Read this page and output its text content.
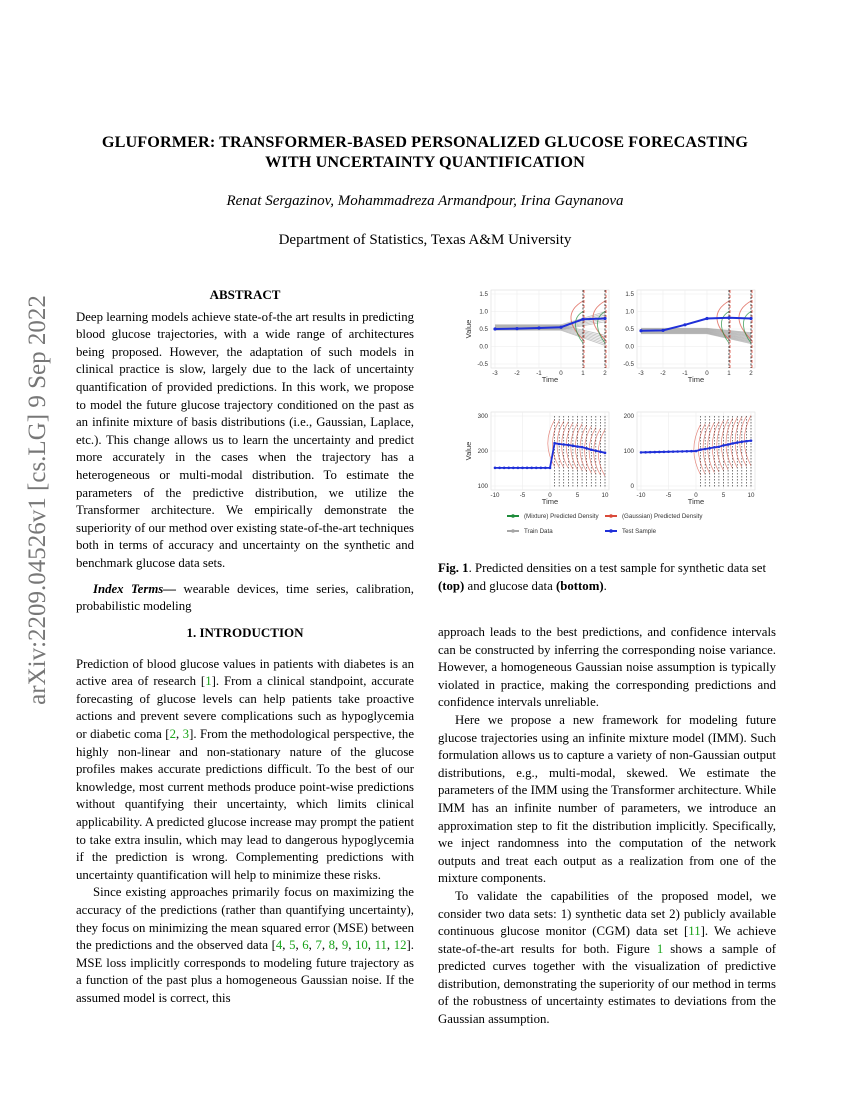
GLUFORMER: TRANSFORMER-BASED PERSONALIZED GLUCOSE FORECASTING
WITH UNCERTAINTY QUANTIFICATION
Renat Sergazinov, Mohammadreza Armandpour, Irina Gaynanova
Department of Statistics, Texas A&M University
arXiv:2209.04526v1 [cs.LG] 9 Sep 2022

ABSTRACT

Deep learning models achieve state-of-the art results in predicting blood glucose trajectories, with a wide range of architectures being proposed. However, the adaptation of such models in clinical practice is slow, largely due to the lack of uncertainty quantification of provided predictions. In this work, we propose to model the future glucose trajectory conditioned on the past as an infinite mixture of basis distributions (i.e., Gaussian, Laplace, etc.). This change allows us to learn the uncertainty and predict more accurately in the cases when the trajectory has a heterogeneous or multi-modal distribution. To estimate the parameters of the predictive distribution, we utilize the Transformer architecture. We empirically demonstrate the superiority of our method over existing state-of-the-art techniques both in terms of accuracy and uncertainty on the synthetic and benchmark glucose data sets.

Index Terms— wearable devices, time series, calibration, probabilistic modeling

1. INTRODUCTION

Prediction of blood glucose values in patients with diabetes is an active area of research [1]. From a clinical standpoint, accurate forecasting of glucose levels can help patients take proactive actions and prevent severe complications such as hypoglycemia or diabetic coma [2, 3]. From the methodological perspective, the highly non-linear and non-stationary nature of the glucose profiles makes accurate predictions difficult. To the best of our knowledge, most current methods produce point-wise predictions without quantifying their uncertainty, which limits clinical applicability. A predicted glucose increase may prompt the patient to take extra insulin, which may lead to dangerous hypoglycemia if the prediction is wrong. Complementing predictions with uncertainty quantification will help to minimize these risks.

Since existing approaches primarily focus on maximizing the accuracy of the predictions (rather than quantifying uncertainty), they focus on minimizing the mean squared error (MSE) between the predictions and the observed data [4, 5, 6, 7, 8, 9, 10, 11, 12]. MSE loss implicitly corresponds to modeling future trajectory as a function of the past plus a homogeneous Gaussian noise. If the assumed model is correct, this

approach leads to the best predictions, and confidence intervals can be constructed by inferring the corresponding noise variance. However, a homogeneous Gaussian noise assumption is typically violated in practice, making the corresponding predictions and confidence intervals unreliable.

Here we propose a new framework for modeling future glucose trajectories using an infinite mixture model (IMM). Such formulation allows us to capture a variety of non-Gaussian output distributions, e.g., multi-modal, skewed. We estimate the parameters of the IMM using the Transformer architecture. While IMM has an infinite number of parameters, we introduce an approximation step to fit the distribution implicitly. Specifically, we inject randomness into the computation of the network outputs and treat each output as a realization from one of the mixture components.

To validate the capabilities of the proposed model, we consider two data sets: 1) synthetic data set 2) publicly available continuous glucose monitor (CGM) data set [11]. We achieve state-of-the-art results for both. Figure 1 shows a sample of predicted curves together with the visualization of predictive distribution, demonstrating the superiority of our method in terms of the robustness of uncertainty estimates to deviations from the Gaussian assumption.

1.5
1.0
0.5
0.0
-0.5
-3	-2	-1	0	1	2
Time
Value
1.5
1.0
0.5
0.0
-0.5
-3	-2	-1	0	1	2
Time
300
200
100
-10	-5	0	5	10
Time
Value
200
100
0
-10	-5	0	5	10
Time
(Mixture) Predicted Density	(Gaussian) Predicted Density
Train Data	Test Sample
Fig. 1. Predicted densities on a test sample for synthetic data set (top) and glucose data (bottom).
